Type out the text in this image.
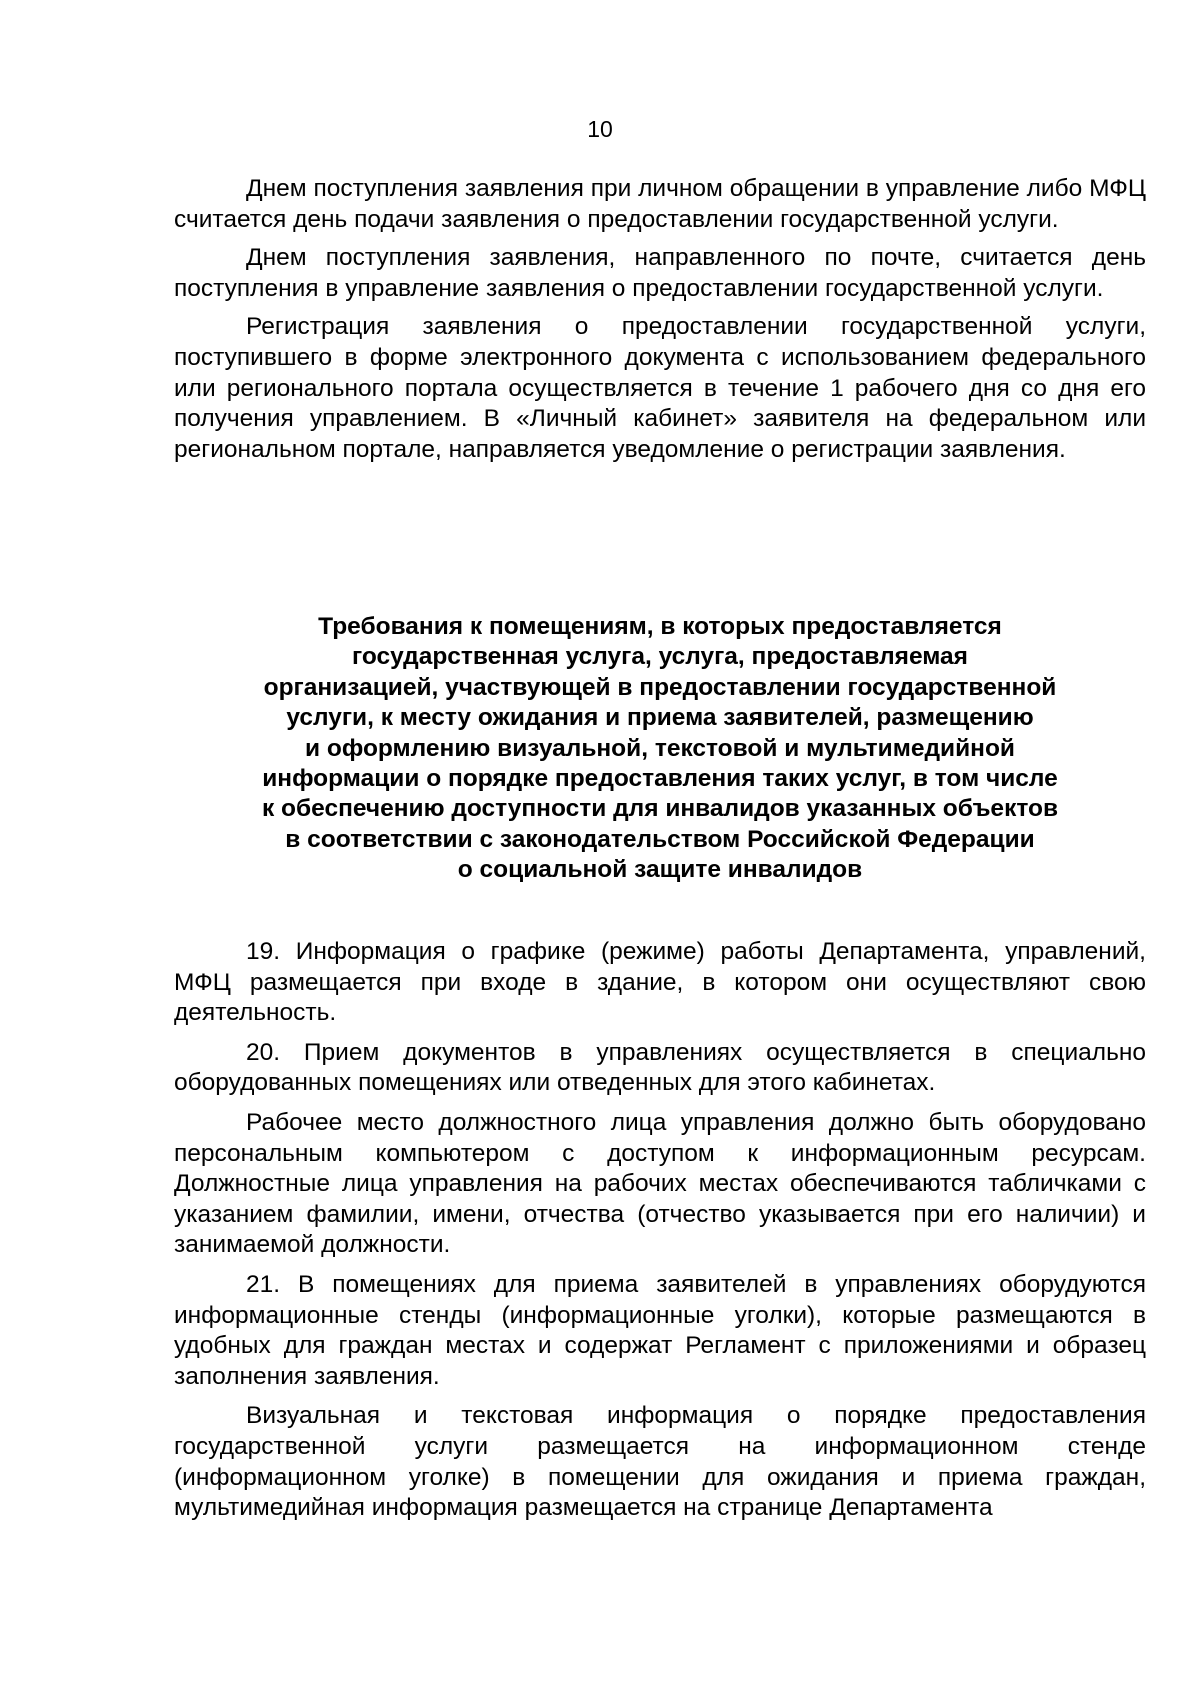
10

Днем поступления заявления при личном обращении в управление либо МФЦ считается день подачи заявления о предоставлении государственной услуги.

Днем поступления заявления, направленного по почте, считается день поступления в управление заявления о предоставлении государственной услуги.

Регистрация заявления о предоставлении государственной услуги, поступившего в форме электронного документа с использованием федерального или регионального портала осуществляется в течение 1 рабочего дня со дня его получения управлением. В «Личный кабинет» заявителя на федеральном или региональном портале, направляется уведомление о регистрации заявления.

Требования к помещениям, в которых предоставляется
государственная услуга, услуга, предоставляемая
организацией, участвующей в предоставлении государственной
услуги, к месту ожидания и приема заявителей, размещению
и оформлению визуальной, текстовой и мультимедийной
информации о порядке предоставления таких услуг, в том числе
к обеспечению доступности для инвалидов указанных объектов
в соответствии с законодательством Российской Федерации
о социальной защите инвалидов

19. Информация о графике (режиме) работы Департамента, управлений, МФЦ размещается при входе в здание, в котором они осуществляют свою деятельность.

20. Прием документов в управлениях осуществляется в специально оборудованных помещениях или отведенных для этого кабинетах.

Рабочее место должностного лица управления должно быть оборудовано персональным компьютером с доступом к информационным ресурсам. Должностные лица управления на рабочих местах обеспечиваются табличками с указанием фамилии, имени, отчества (отчество указывается при его наличии) и занимаемой должности.

21. В помещениях для приема заявителей в управлениях оборудуются информационные стенды (информационные уголки), которые размещаются в удобных для граждан местах и содержат Регламент с приложениями и образец заполнения заявления.

Визуальная и текстовая информация о порядке предоставления государственной услуги размещается на информационном стенде (информационном уголке) в помещении для ожидания и приема граждан, мультимедийная информация размещается на странице Департамента
